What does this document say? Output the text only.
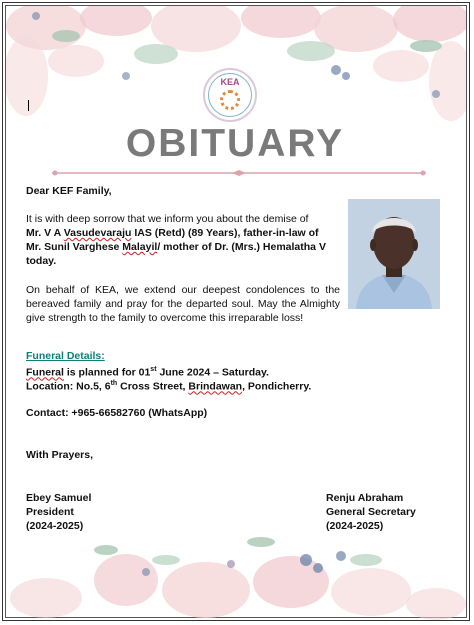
KEA
OBITUARY
Dear KEF Family,
It is with deep sorrow that we inform you about the demise of
Mr. V A Vasudevaraju IAS (Retd) (89 Years), father-in-law of
Mr. Sunil Varghese Malayil/ mother of Dr. (Mrs.) Hemalatha V
today.
On behalf of KEA, we extend our deepest condolences to the bereaved family and pray for the departed soul. May the Almighty give strength to the family to overcome this irreparable loss!
Funeral Details:
Funeral is planned for 01st June 2024 – Saturday.
Location: No.5, 6th Cross Street, Brindawan, Pondicherry.
Contact: +965-66582760 (WhatsApp)
With Prayers,
Ebey Samuel
President
(2024-2025)
Renju Abraham
General Secretary
(2024-2025)
